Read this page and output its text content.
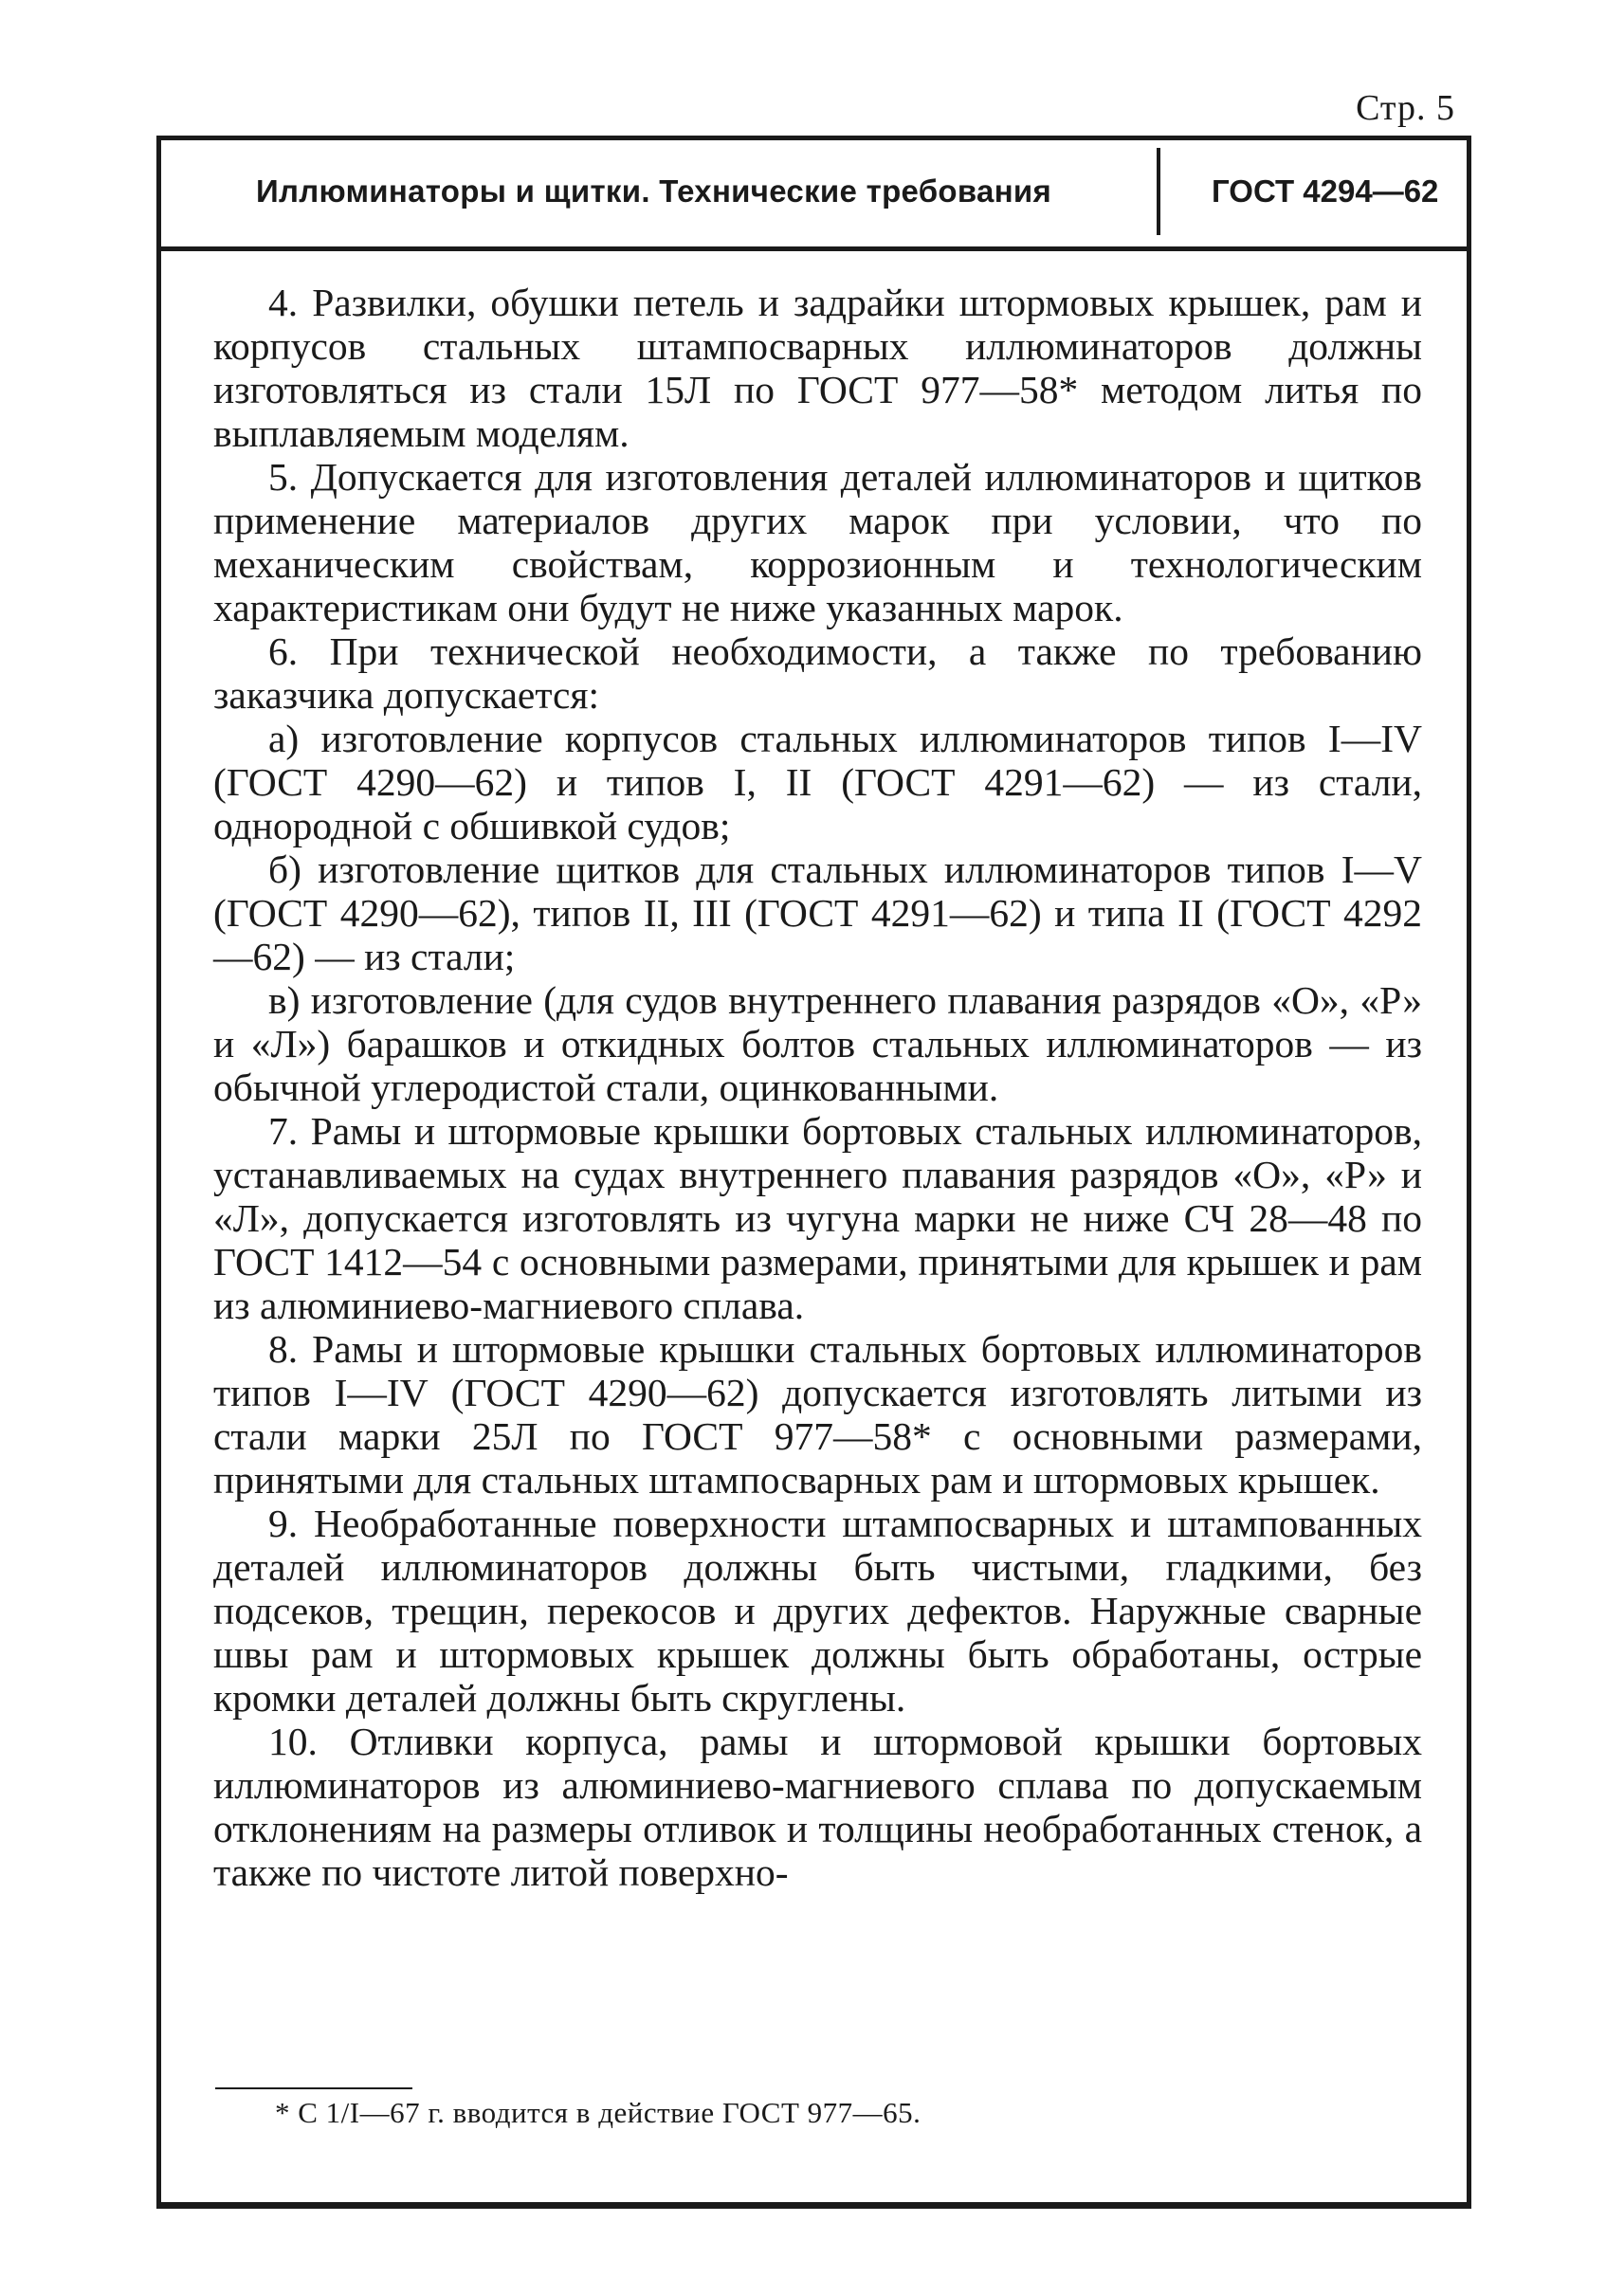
Стр. 5
Иллюминаторы и щитки. Технические требования	ГОСТ 4294—62

4. Развилки, обушки петель и задрайки штормовых крышек, рам и корпусов стальных штампосварных иллюминаторов должны изготовляться из стали 15Л по ГОСТ 977—58* методом литья по выплавляемым моделям.

5. Допускается для изготовления деталей иллюминаторов и щитков применение материалов других марок при условии, что по механическим свойствам, коррозионным и технологическим характеристикам они будут не ниже указанных марок.

6. При технической необходимости, а также по требованию заказчика допускается:

а) изготовление корпусов стальных иллюминаторов типов I—IV (ГОСТ 4290—62) и типов I, II (ГОСТ 4291—62) — из стали, однородной с обшивкой судов;

б) изготовление щитков для стальных иллюминаторов типов I—V (ГОСТ 4290—62), типов II, III (ГОСТ 4291—62) и типа II (ГОСТ 4292—62) — из стали;

в) изготовление (для судов внутреннего плавания разрядов «О», «Р» и «Л») барашков и откидных болтов стальных иллюминаторов — из обычной углеродистой стали, оцинкованными.

7. Рамы и штормовые крышки бортовых стальных иллюминаторов, устанавливаемых на судах внутреннего плавания разрядов «О», «Р» и «Л», допускается изготовлять из чугуна марки не ниже СЧ 28—48 по ГОСТ 1412—54 с основными размерами, принятыми для крышек и рам из алюминиево-магниевого сплава.

8. Рамы и штормовые крышки стальных бортовых иллюминаторов типов I—IV (ГОСТ 4290—62) допускается изготовлять литыми из стали марки 25Л по ГОСТ 977—58* с основными размерами, принятыми для стальных штампосварных рам и штормовых крышек.

9. Необработанные поверхности штампосварных и штампованных деталей иллюминаторов должны быть чистыми, гладкими, без подсеков, трещин, перекосов и других дефектов. Наружные сварные швы рам и штормовых крышек должны быть обработаны, острые кромки деталей должны быть скруглены.

10. Отливки корпуса, рамы и штормовой крышки бортовых иллюминаторов из алюминиево-магниевого сплава по допускаемым отклонениям на размеры отливок и толщины необработанных стенок, а также по чистоте литой поверхно-

* С 1/I—67 г. вводится в действие ГОСТ 977—65.
